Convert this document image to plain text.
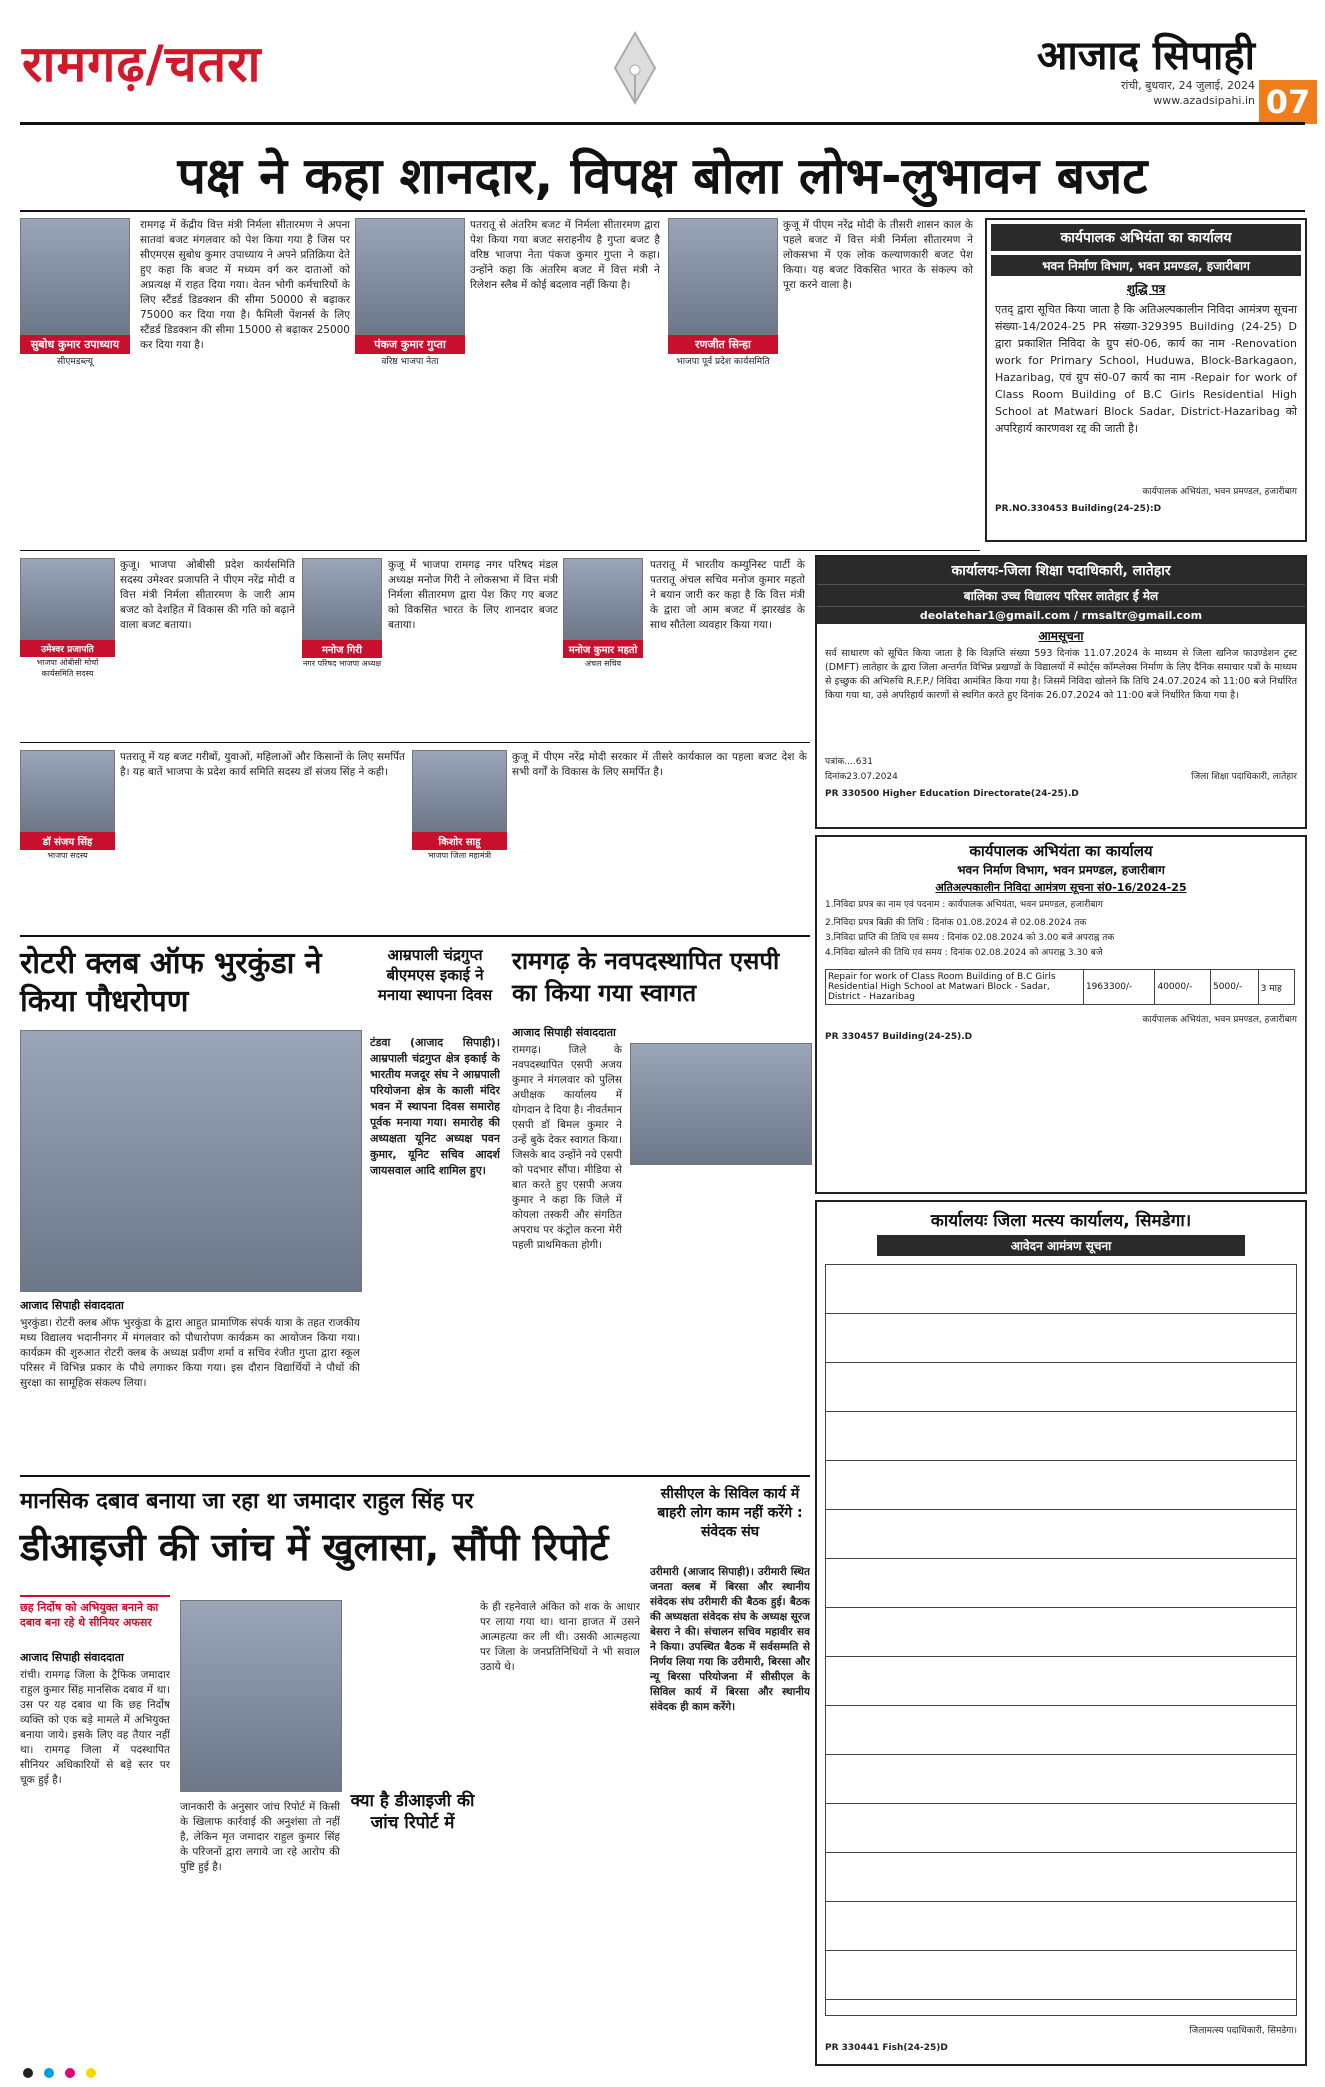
रामगढ़/चतरा	आजाद सिपाही
रांची, बुधवार, 24 जुलाई, 2024
www.azadsipahi.in 07
पक्ष ने कहा शानदार, विपक्ष बोला लोभ-लुभावन बजट
सुबोध कुमार उपाध्याय
सीएमडब्ल्यू
रामगढ़ में केंद्रीय वित्त मंत्री निर्मला सीतारमण ने अपना सातवां बजट मंगलवार को पेश किया गया है जिस पर सीएमएस सुबोध कुमार उपाध्याय ने अपने प्रतिक्रिया देते हुए कहा कि बजट में मध्यम वर्ग कर दाताओं को अप्रत्यक्ष में राहत दिया गया। वेतन भोगी कर्मचारियों के लिए स्टैंडर्ड डिडक्शन की सीमा 50000 से बढ़ाकर 75000 कर दिया गया है। फैमिली पेंशनर्स के लिए स्टैंडर्ड डिडक्शन की सीमा 15000 से बढ़ाकर 25000 कर दिया गया है।	पंकज कुमार गुप्ता
वरिष्ठ भाजपा नेता
पतरातू से अंतरिम बजट में निर्मला सीतारमण द्वारा पेश किया गया बजट सराहनीय है गुप्ता बजट है वरिष्ठ भाजपा नेता पंकज कुमार गुप्ता ने कहा। उन्होंने कहा कि अंतरिम बजट में वित्त मंत्री ने रिलेशन स्लैब में कोई बदलाव नहीं किया है।
रणजीत सिन्हा
भाजपा पूर्व प्रदेश कार्यसमिति
कुजू में पीएम नरेंद्र मोदी के तीसरी शासन काल के पहले बजट में वित्त मंत्री निर्मला सीतारमण ने लोकसभा में एक लोक कल्याणकारी बजट पेश किया। यह बजट विकसित भारत के संकल्प को पूरा करने वाला है।
कार्यपालक अभियंता का कार्यालय
भवन निर्माण विभाग, भवन प्रमण्डल, हजारीबाग
शुद्धि पत्र
एतद् द्वारा सूचित किया जाता है कि अतिअल्पकालीन निविदा आमंत्रण सूचना संख्या-14/2024-25 PR संख्या-329395 Building (24-25) D द्वारा प्रकाशित निविदा के ग्रुप सं0-06, कार्य का नाम -Renovation work for Primary School, Huduwa, Block-Barkagaon, Hazaribag, एवं ग्रुप सं0-07 कार्य का नाम -Repair for work of Class Room Building of B.C Girls Residential High School at Matwari Block Sadar, District-Hazaribag को अपरिहार्य कारणवश रद्द की जाती है।
कार्यपालक अभियंता, भवन प्रमण्डल, हजारीबाग
PR.NO.330453 Building(24-25):D
उमेश्वर प्रजापति
भाजपा ओबीसी मोर्चा कार्यसमिति सदस्य
कुजू। भाजपा ओबीसी प्रदेश कार्यसमिति सदस्य उमेश्वर प्रजापति ने पीएम नरेंद्र मोदी व वित्त मंत्री निर्मला सीतारमण के जारी आम बजट को देशहित में विकास की गति को बढ़ाने वाला बजट बताया।
मनोज गिरी
नगर परिषद भाजपा अध्यक्ष
कुजू में भाजपा रामगढ़ नगर परिषद मंडल अध्यक्ष मनोज गिरी ने लोकसभा में वित्त मंत्री निर्मला सीतारमण द्वारा पेश किए गए बजट को विकसित भारत के लिए शानदार बजट बताया।
मनोज कुमार महतो
अंचल सचिव
पतरातू में भारतीय कम्युनिस्ट पार्टी के पतरातू अंचल सचिव मनोज कुमार महतो ने बयान जारी कर कहा है कि वित्त मंत्री के द्वारा जो आम बजट में झारखंड के साथ सौतेला व्यवहार किया गया।
कार्यालयः-जिला शिक्षा पदाधिकारी, लातेहार
बालिका उच्च विद्यालय परिसर लातेहार ई मेल
deolatehar1@gmail.com / rmsaltr@gmail.com
आमसूचना
सर्व साधारण को सूचित किया जाता है कि विज्ञप्ति संख्या 593 दिनांक 11.07.2024 के माध्यम से जिला खनिज फाउण्डेशन ट्रस्ट (DMFT) लातेहार के द्वारा जिला अन्तर्गत विभिन्न प्रखण्डों के विद्यालयों में स्पोर्ट्स कॉम्प्लेक्स निर्माण के लिए दैनिक समाचार पत्रों के माध्यम से इच्छुक की अभिरुचि R.F.P./ निविदा आमंत्रित किया गया है। जिसमें निविदा खोलने कि तिथि 24.07.2024 को 11:00 बजे निर्धारित किया गया था, उसे अपरिहार्य कारणों से स्थगित करते हुए दिनांक 26.07.2024 को 11:00 बजे निर्धारित किया गया है।
पत्रांक....631
दिनांक23.07.2024	जिला शिक्षा पदाधिकारी, लातेहार
PR 330500 Higher Education Directorate(24-25).D
डॉ संजय सिंह
भाजपा सदस्य
पतरातू में यह बजट गरीबों, युवाओं, महिलाओं और किसानों के लिए समर्पित है। यह बातें भाजपा के प्रदेश कार्य समिति सदस्य डॉ संजय सिंह ने कही।
किशोर साहू
भाजपा जिला महामंत्री
कुजू में पीएम नरेंद्र मोदी सरकार में तीसरे कार्यकाल का पहला बजट देश के सभी वर्गों के विकास के लिए समर्पित है।
कार्यपालक अभियंता का कार्यालय
भवन निर्माण विभाग, भवन प्रमण्डल, हजारीबाग
अतिअल्पकालीन निविदा आमंत्रण सूचना सं0-16/2024-25
1.निविदा प्रपत्र का नाम एवं पदनाम : कार्यपालक अभियंता, भवन प्रमण्डल, हजारीबाग
2.निविदा प्रपत्र बिक्री की तिथि : दिनांक 01.08.2024 से 02.08.2024 तक
3.निविदा प्राप्ति की तिथि एवं समय : दिनांक 02.08.2024 को 3.00 बजे अपराह्न तक
4.निविदा खोलने की तिथि एवं समय : दिनांक 02.08.2024 को अपराह्न 3.30 बजे
Repair for work of Class Room Building of B.C Girls Residential High School at Matwari Block - Sadar, District - Hazaribag	1963300/-	40000/-	5000/-	3 माह
कार्यपालक अभियंता, भवन प्रमण्डल, हजारीबाग
PR 330457 Building(24-25).D
रोटरी क्लब ऑफ भुरकुंडा ने किया पौधरोपण
आजाद सिपाही संवाददाता
भुरकुंडा। रोटरी क्लब ऑफ भुरकुंडा के द्वारा आहुत प्रामाणिक संपर्क यात्रा के तहत राजकीय मध्य विद्यालय भदानीनगर में मंगलवार को पौधारोपण कार्यक्रम का आयोजन किया गया। कार्यक्रम की शुरुआत रोटरी क्लब के अध्यक्ष प्रवीण शर्मा व सचिव रंजीत गुप्ता द्वारा स्कूल परिसर में विभिन्न प्रकार के पौधे लगाकर किया गया। इस दौरान विद्यार्थियों ने पौधों की सुरक्षा का सामूहिक संकल्प लिया।
आम्रपाली चंद्रगुप्त बीएमएस इकाई ने मनाया स्थापना दिवस
टंडवा (आजाद सिपाही)। आम्रपाली चंद्रगुप्त क्षेत्र इकाई के भारतीय मजदूर संघ ने आम्रपाली परियोजना क्षेत्र के काली मंदिर भवन में स्थापना दिवस समारोह पूर्वक मनाया गया। समारोह की अध्यक्षता यूनिट अध्यक्ष पवन कुमार, यूनिट सचिव आदर्श जायसवाल आदि शामिल हुए।
रामगढ़ के नवपदस्थापित एसपी का किया गया स्वागत
आजाद सिपाही संवाददाता
रामगढ़। जिले के नवपदस्थापित एसपी अजय कुमार ने मंगलवार को पुलिस अधीक्षक कार्यालय में योगदान दे दिया है। नीवर्तमान एसपी डॉ बिमल कुमार ने उन्हें बुके देकर स्वागत किया। जिसके बाद उन्होंने नये एसपी को पदभार सौंपा। मीडिया से बात करते हुए एसपी अजय कुमार ने कहा कि जिले में कोयला तस्करी और संगठित अपराध पर कंट्रोल करना मेरी पहली प्राथमिकता होगी।
कार्यालयः जिला मत्स्य कार्यालय, सिमडेगा।
आवेदन आमंत्रण सूचना
जिलामत्स्य पदाधिकारी, सिमडेगा।
PR 330441 Fish(24-25)D
मानसिक दबाव बनाया जा रहा था जमादार राहुल सिंह पर
डीआइजी की जांच में खुलासा, सौंपी रिपोर्ट
छह निर्दोष को अभियुक्त बनाने का दबाव बना रहे थे सीनियर अफसर
आजाद सिपाही संवाददाता
रांची। रामगढ़ जिला के ट्रैफिक जमादार राहुल कुमार सिंह मानसिक दबाव में था। उस पर यह दबाव था कि छह निर्दोष व्यक्ति को एक बड़े मामले में अभियुक्त बनाया जाये। इसके लिए वह तैयार नहीं था। रामगढ़ जिला में पदस्थापित सीनियर अधिकारियों से बड़े स्तर पर चूक हुई है।
जानकारी के अनुसार जांच रिपोर्ट में किसी के खिलाफ कार्रवाई की अनुशंसा तो नहीं है, लेकिन मृत जमादार राहुल कुमार सिंह के परिजनों द्वारा लगाये जा रहे आरोप की पुष्टि हुई है।
क्या है डीआइजी की जांच रिपोर्ट में
के ही रहनेवाले अंकित को शक के आधार पर लाया गया था। थाना हाजत में उसने आत्महत्या कर ली थी। उसकी आत्महत्या पर जिला के जनप्रतिनिधियों ने भी सवाल उठाये थे।
सीसीएल के सिविल कार्य में बाहरी लोग काम नहीं करेंगे : संवेदक संघ
उरीमारी (आजाद सिपाही)। उरीमारी स्थित जनता क्लब में बिरसा और स्थानीय संवेदक संघ उरीमारी की बैठक हुई। बैठक की अध्यक्षता संवेदक संघ के अध्यक्ष सूरज बेसरा ने की। संचालन सचिव महावीर सव ने किया। उपस्थित बैठक में सर्वसम्मति से निर्णय लिया गया कि उरीमारी, बिरसा और न्यू बिरसा परियोजना में सीसीएल के सिविल कार्य में बिरसा और स्थानीय संवेदक ही काम करेंगे।
